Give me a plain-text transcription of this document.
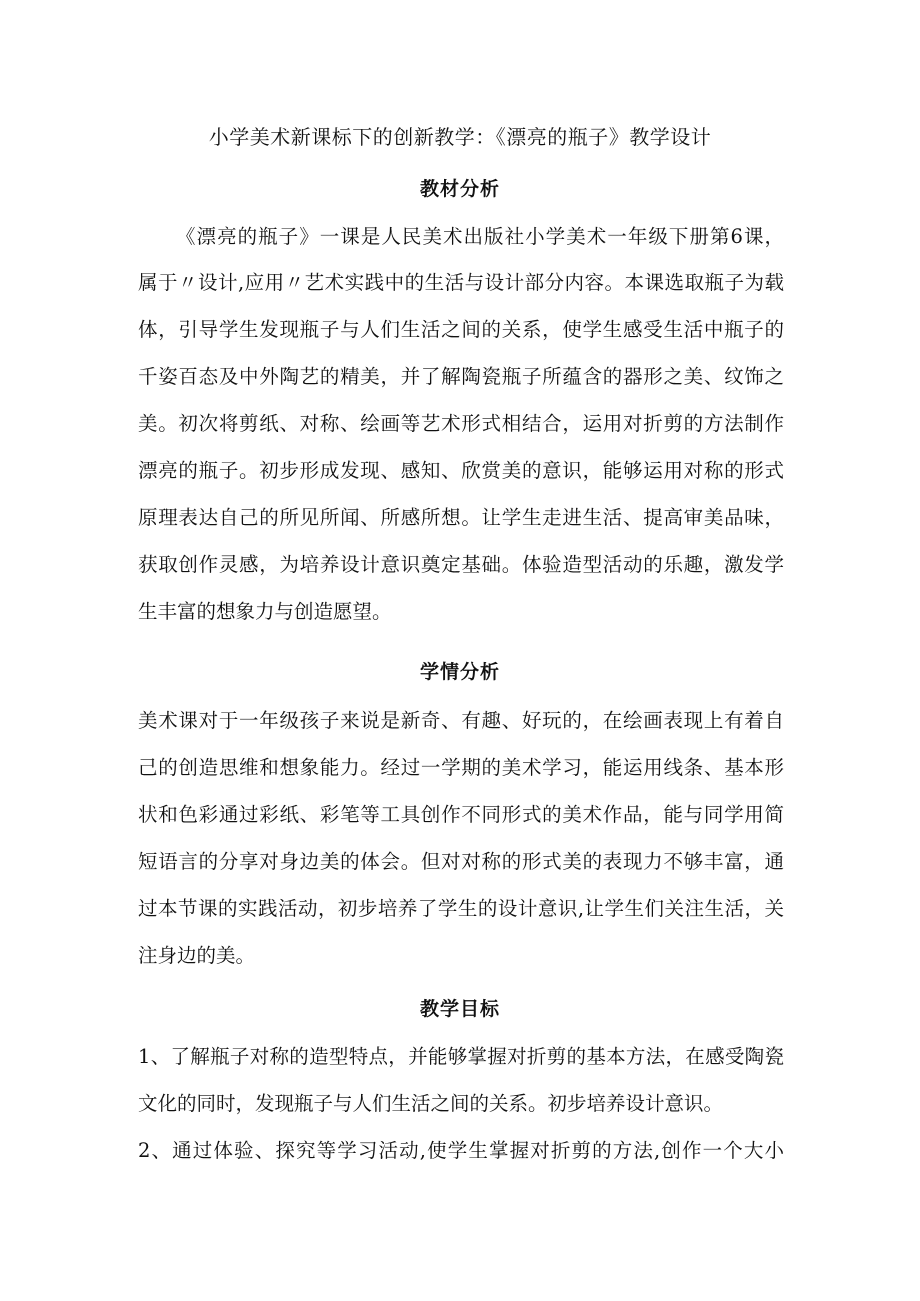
小学美术新课标下的创新教学：《漂亮的瓶子》教学设计
教材分析
《漂亮的瓶子》一课是人民美术出版社小学美术一年级下册第6课，
属于〃设计,应用〃艺术实践中的生活与设计部分内容。本课选取瓶子为载
体，引导学生发现瓶子与人们生活之间的关系，使学生感受生活中瓶子的
千姿百态及中外陶艺的精美，并了解陶瓷瓶子所蕴含的器形之美、纹饰之
美。初次将剪纸、对称、绘画等艺术形式相结合，运用对折剪的方法制作
漂亮的瓶子。初步形成发现、感知、欣赏美的意识，能够运用对称的形式
原理表达自己的所见所闻、所感所想。让学生走进生活、提高审美品味，
获取创作灵感，为培养设计意识奠定基础。体验造型活动的乐趣，激发学
生丰富的想象力与创造愿望。
学情分析
美术课对于一年级孩子来说是新奇、有趣、好玩的，在绘画表现上有着自
己的创造思维和想象能力。经过一学期的美术学习，能运用线条、基本形
状和色彩通过彩纸、彩笔等工具创作不同形式的美术作品，能与同学用简
短语言的分享对身边美的体会。但对对称的形式美的表现力不够丰富，通
过本节课的实践活动，初步培养了学生的设计意识,让学生们关注生活，关
注身边的美。
教学目标
1、了解瓶子对称的造型特点，并能够掌握对折剪的基本方法，在感受陶瓷
文化的同时，发现瓶子与人们生活之间的关系。初步培养设计意识。
2、通过体验、探究等学习活动,使学生掌握对折剪的方法,创作一个大小
